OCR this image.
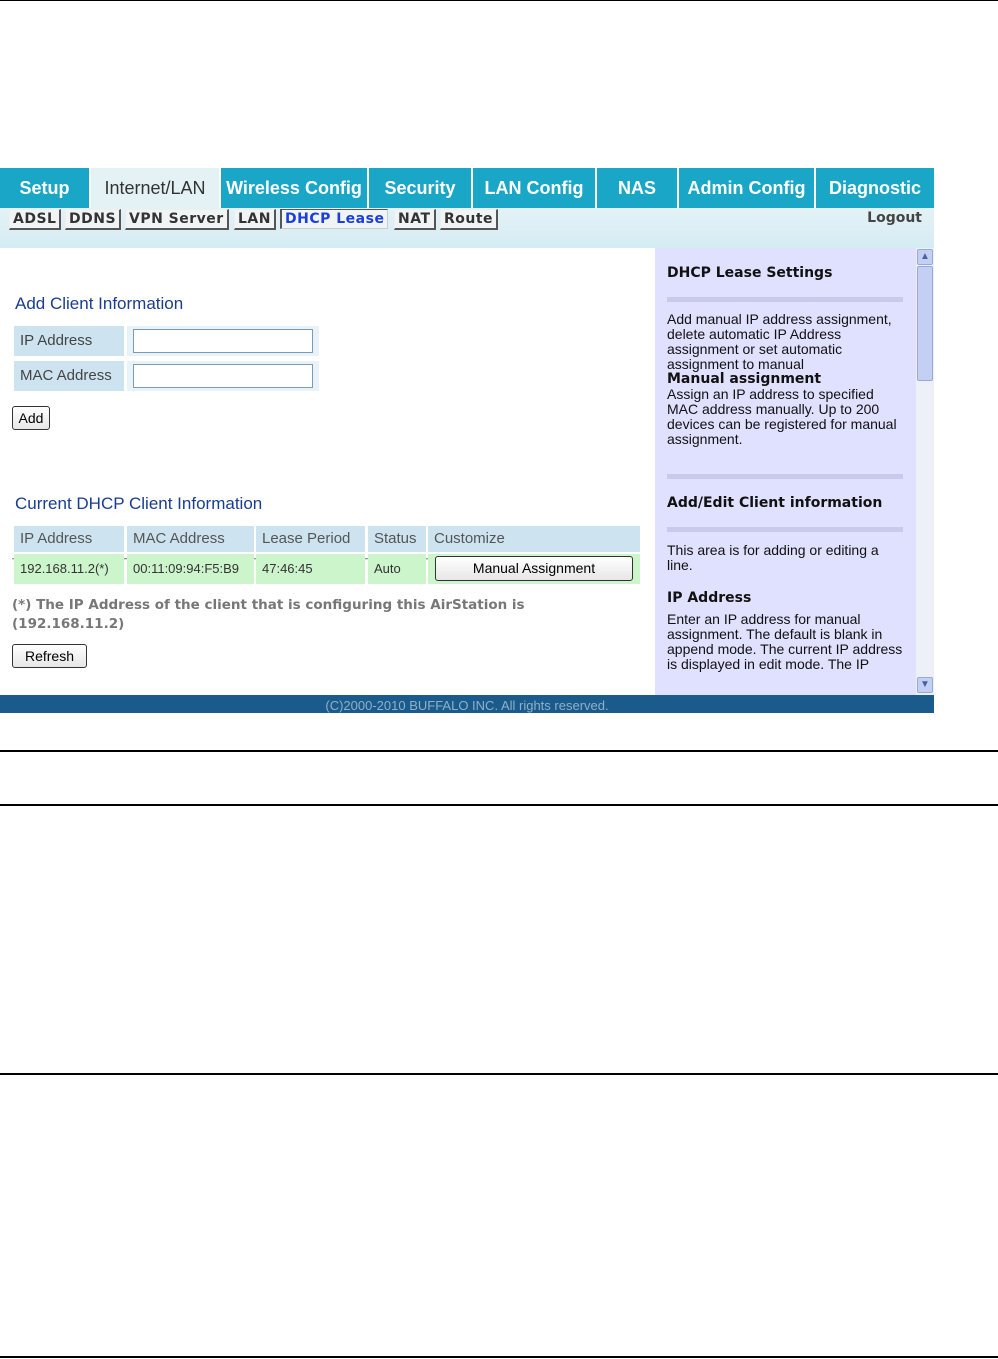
Setup	Internet/LAN	Wireless Config	Security	LAN Config	NAS	Admin Config	Diagnostic
ADSL DDNS VPN Server	LAN	DHCP Lease NAT Route	Logout
Add Client Information
IP Address
MAC Address
Add
Current DHCP Client Information
IP Address	MAC Address	Lease Period	Status	Customize
192.168.11.2(*)	00:11:09:94:F5:B9	47:46:45	Auto	Manual Assignment
(*) The IP Address of the client that is configuring this AirStation is
(192.168.11.2)
Refresh
DHCP Lease Settings
Add manual IP address assignment, delete automatic IP Address assignment or set automatic assignment to manual
Manual assignment
Assign an IP address to specified MAC address manually. Up to 200 devices can be registered for manual assignment.
Add/Edit Client information
This area is for adding or editing a line.
IP Address
Enter an IP address for manual assignment. The default is blank in append mode. The current IP address is displayed in edit mode. The IP
▲
▼
(C)2000-2010 BUFFALO INC. All rights reserved.
